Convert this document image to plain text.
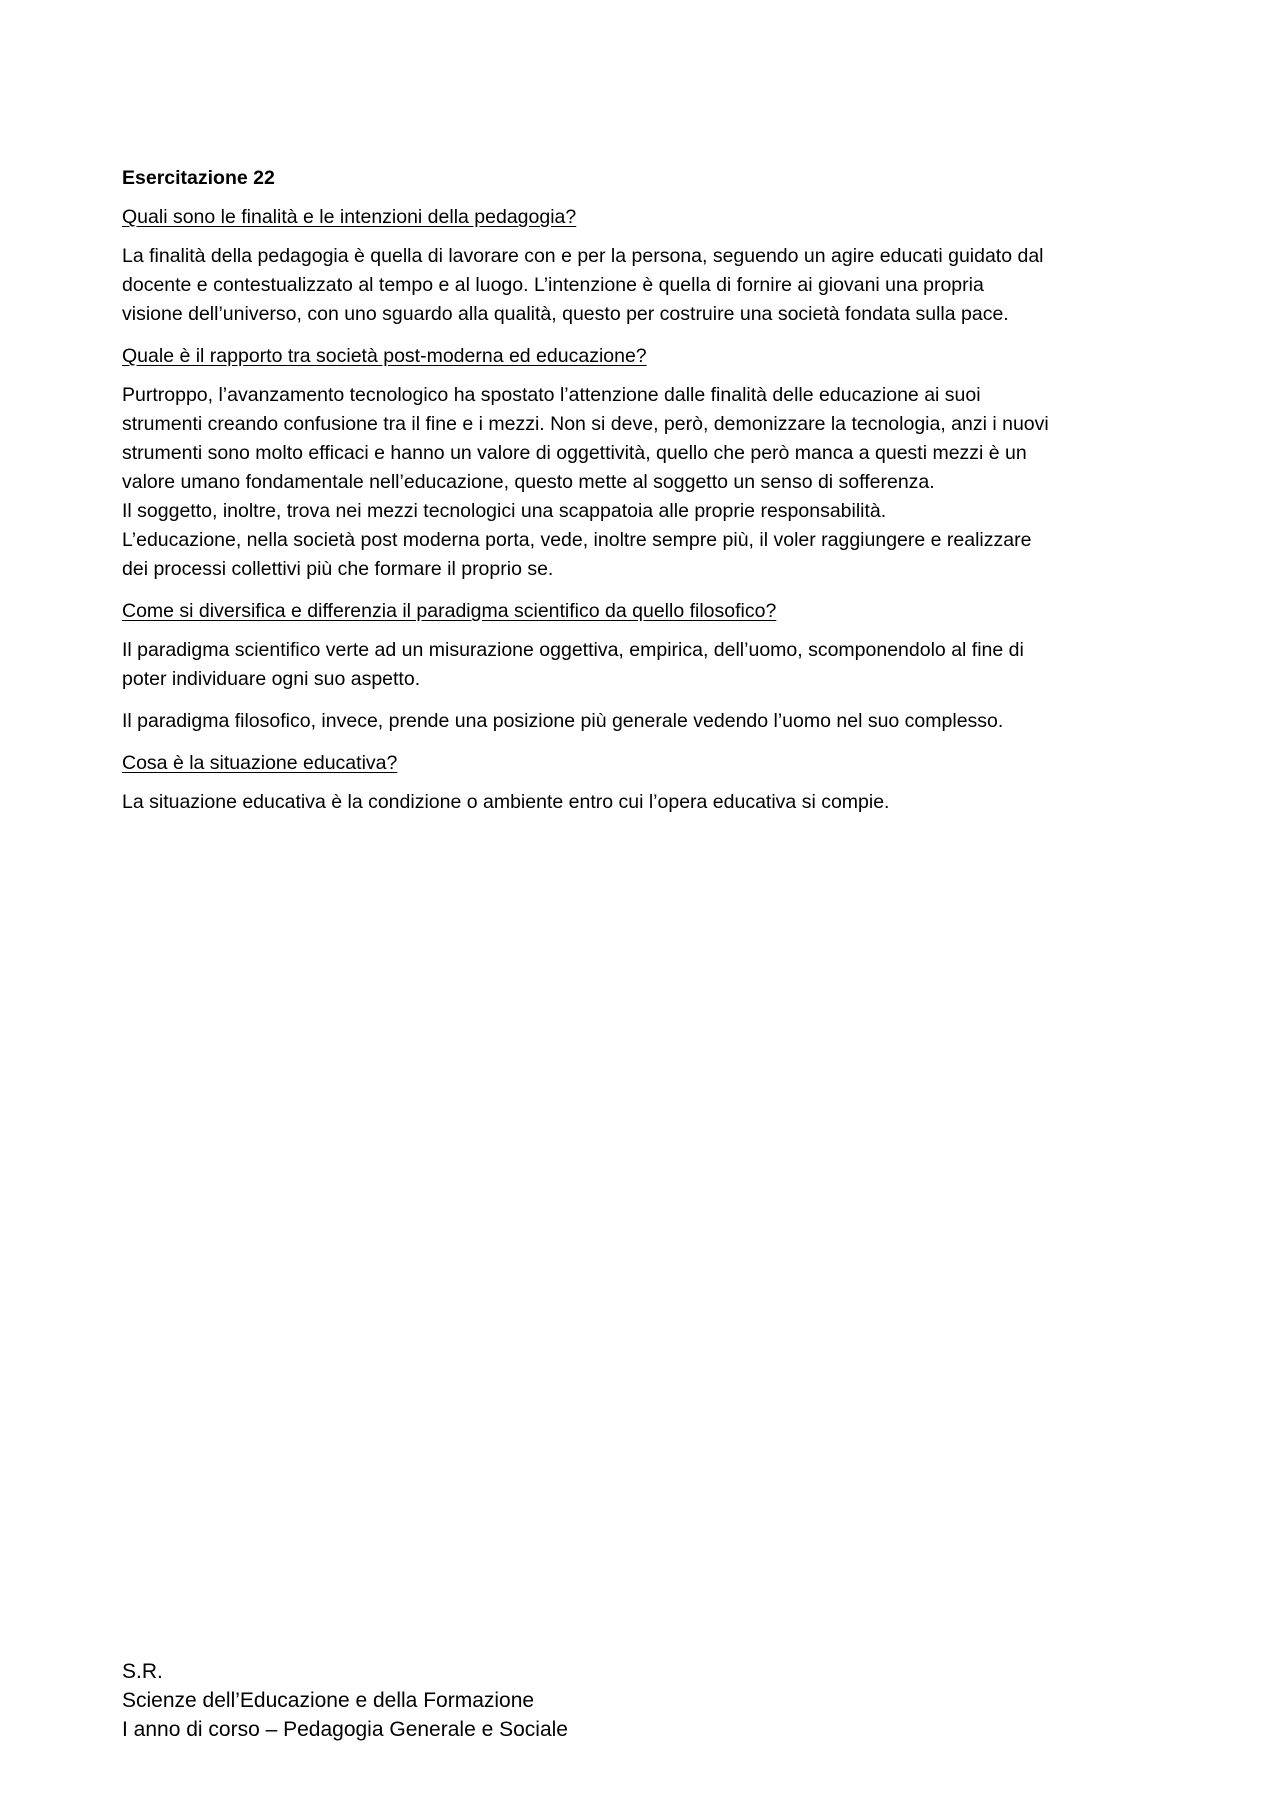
Esercitazione 22
Quali sono le finalità e le intenzioni della pedagogia?
La finalità della pedagogia è quella di lavorare con e per la persona, seguendo un agire educati guidato dal
docente e contestualizzato al tempo e al luogo. L’intenzione è quella di fornire ai giovani una propria
visione dell’universo, con uno sguardo alla qualità, questo per costruire una società fondata sulla pace.
Quale è il rapporto tra società post-moderna ed educazione?
Purtroppo, l’avanzamento tecnologico ha spostato l’attenzione dalle finalità delle educazione ai suoi
strumenti creando confusione tra il fine e i mezzi. Non si deve, però, demonizzare la tecnologia, anzi i nuovi
strumenti sono molto efficaci e hanno un valore di oggettività, quello che però manca a questi mezzi è un
valore umano fondamentale nell’educazione, questo mette al soggetto un senso di sofferenza.
Il soggetto, inoltre, trova nei mezzi tecnologici una scappatoia alle proprie responsabilità.
L’educazione, nella società post moderna porta, vede, inoltre sempre più, il voler raggiungere e realizzare
dei processi collettivi più che formare il proprio se.
Come si diversifica e differenzia il paradigma scientifico da quello filosofico?
Il paradigma scientifico verte ad un misurazione oggettiva, empirica, dell’uomo, scomponendolo al fine di
poter individuare ogni suo aspetto.
Il paradigma filosofico, invece, prende una posizione più generale vedendo l’uomo nel suo complesso.
Cosa è la situazione educativa?
La situazione educativa è la condizione o ambiente entro cui l’opera educativa si compie.
S.R.
Scienze dell’Educazione e della Formazione
I anno di corso – Pedagogia Generale e Sociale
